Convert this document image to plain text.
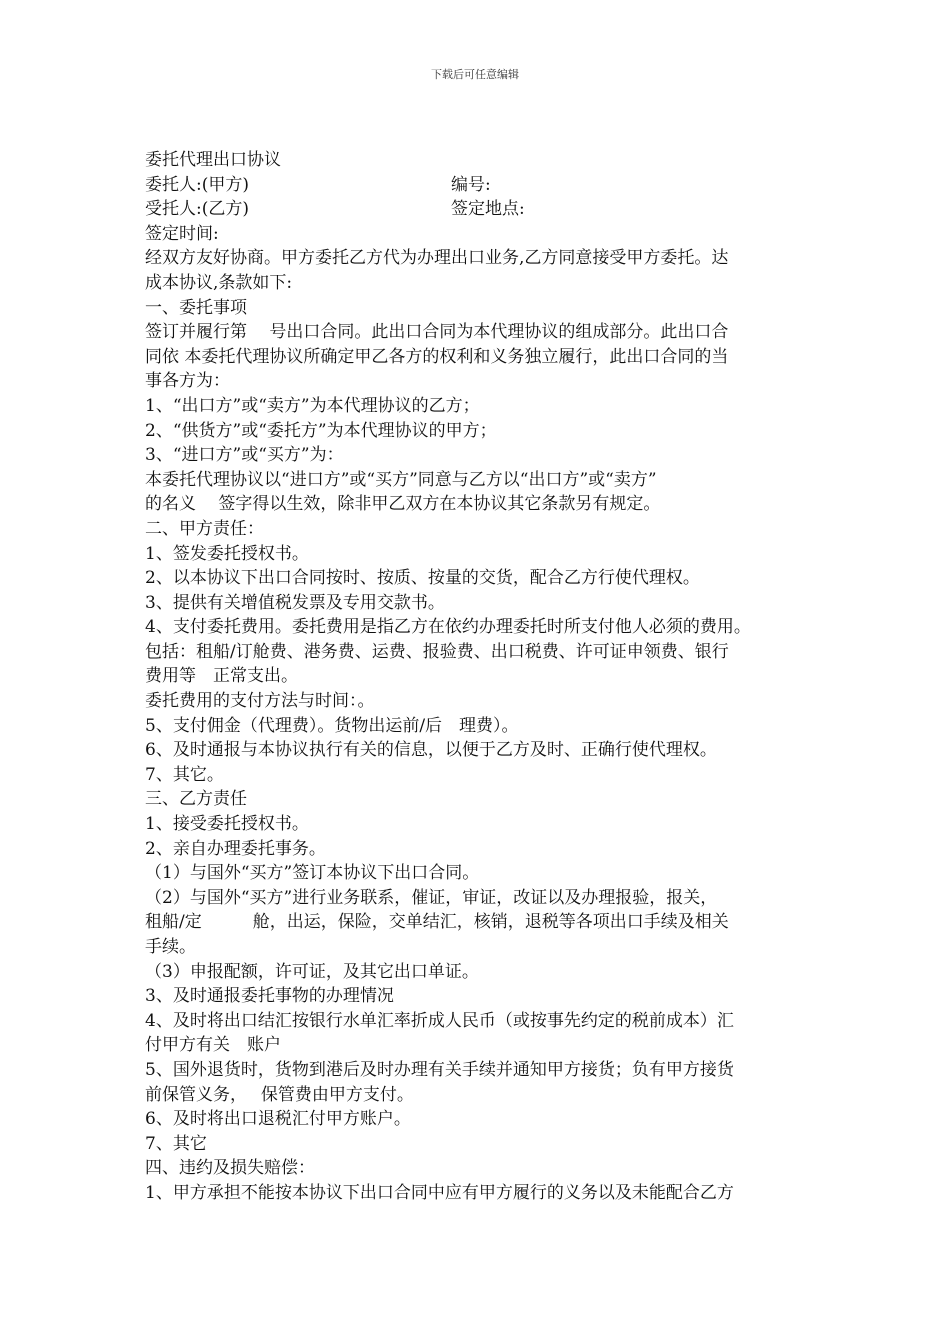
下载后可任意编辑
委托代理出口协议
委托人:(甲方)	编号:
受托人:(乙方)	签定地点:
签定时间:
经双方友好协商。甲方委托乙方代为办理出口业务,乙方同意接受甲方委托。达
成本协议,条款如下:
一、委托事项
签订并履行第　 号出口合同。此出口合同为本代理协议的组成部分。此出口合
同依 本委托代理协议所确定甲乙各方的权利和义务独立履行，此出口合同的当
事各方为：
1、“出口方”或“卖方”为本代理协议的乙方；
2、“供货方”或“委托方”为本代理协议的甲方；
3、“进口方”或“买方”为：
本委托代理协议以“进口方”或“买方”同意与乙方以“出口方”或“卖方”
的名义　 签字得以生效，除非甲乙双方在本协议其它条款另有规定。
二、甲方责任：
1、签发委托授权书。
2、以本协议下出口合同按时、按质、按量的交货，配合乙方行使代理权。
3、提供有关增值税发票及专用交款书。
4、支付委托费用。委托费用是指乙方在依约办理委托时所支付他人必须的费用。
包括：租船/订舱费、港务费、运费、报验费、出口税费、许可证申领费、银行
费用等　正常支出。
委托费用的支付方法与时间：。
5、支付佣金（代理费）。货物出运前/后　理费）。
6、及时通报与本协议执行有关的信息，以便于乙方及时、正确行使代理权。
7、其它。
三、乙方责任
1、接受委托授权书。
2、亲自办理委托事务。
（1）与国外“买方”签订本协议下出口合同。
（2）与国外“买方”进行业务联系，催证，审证，改证以及办理报验，报关，
租船/定　　　舱，出运，保险，交单结汇，核销，退税等各项出口手续及相关
手续。
（3）申报配额，许可证，及其它出口单证。
3、及时通报委托事物的办理情况
4、及时将出口结汇按银行水单汇率折成人民币（或按事先约定的税前成本）汇
付甲方有关　账户
5、国外退货时，货物到港后及时办理有关手续并通知甲方接货；负有甲方接货
前保管义务，　 保管费由甲方支付。
6、及时将出口退税汇付甲方账户。
7、其它
四、违约及损失赔偿：
1、甲方承担不能按本协议下出口合同中应有甲方履行的义务以及未能配合乙方
